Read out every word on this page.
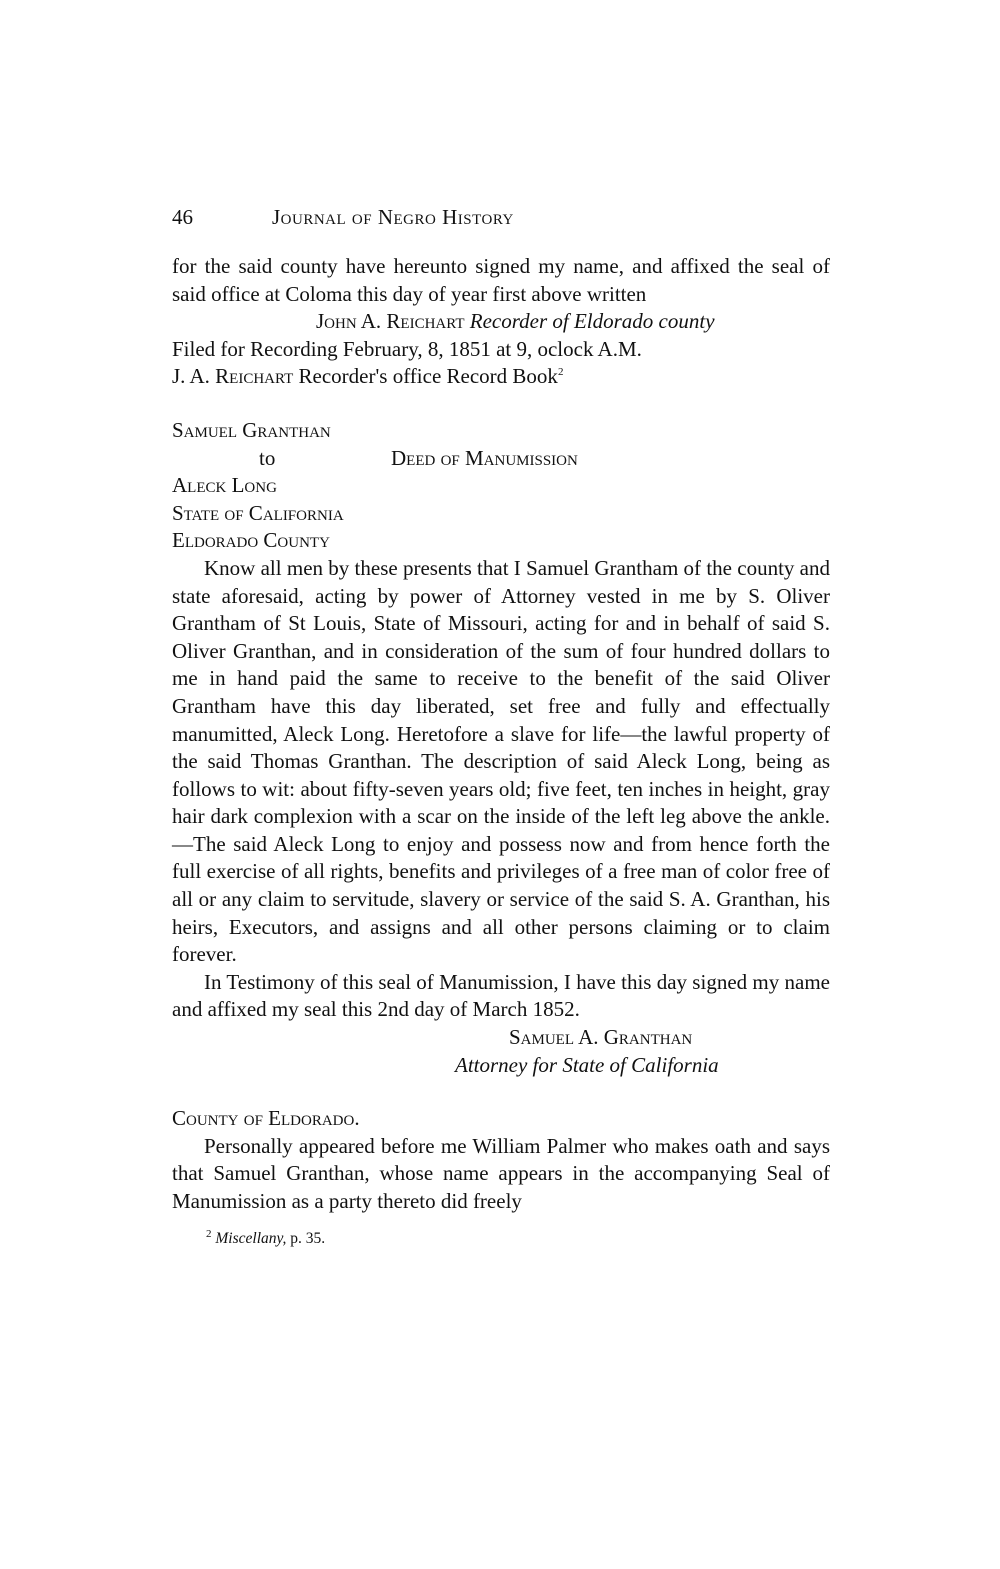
46	Journal of Negro History

for the said county have hereunto signed my name, and affixed the seal of said office at Coloma this day of year first above written

John A. Reichart Recorder of Eldorado county

Filed for Recording February, 8, 1851 at 9, oclock A.M.

J. A. Reichart Recorder's office Record Book$^2$

Samuel Granthan
to	Deed of Manumission
Aleck Long
State of California
Eldorado County

Know all men by these presents that I Samuel Grantham of the county and state aforesaid, acting by power of Attorney vested in me by S. Oliver Grantham of St Louis, State of Missouri, acting for and in behalf of said S. Oliver Granthan, and in consideration of the sum of four hundred dollars to me in hand paid the same to receive to the benefit of the said Oliver Grantham have this day liberated, set free and fully and effectually manumitted, Aleck Long. Heretofore a slave for life—the lawful property of the said Thomas Granthan. The description of said Aleck Long, being as follows to wit: about fifty-seven years old; five feet, ten inches in height, gray hair dark complexion with a scar on the inside of the left leg above the ankle.—The said Aleck Long to enjoy and possess now and from hence forth the full exercise of all rights, benefits and privileges of a free man of color free of all or any claim to servitude, slavery or service of the said S. A. Granthan, his heirs, Executors, and assigns and all other persons claiming or to claim forever.

In Testimony of this seal of Manumission, I have this day signed my name and affixed my seal this 2nd day of March 1852.

Samuel A. Granthan

Attorney for State of California

County of Eldorado.

Personally appeared before me William Palmer who makes oath and says that Samuel Granthan, whose name appears in the accompanying Seal of Manumission as a party thereto did freely

$^2$ Miscellany, p. 35.
